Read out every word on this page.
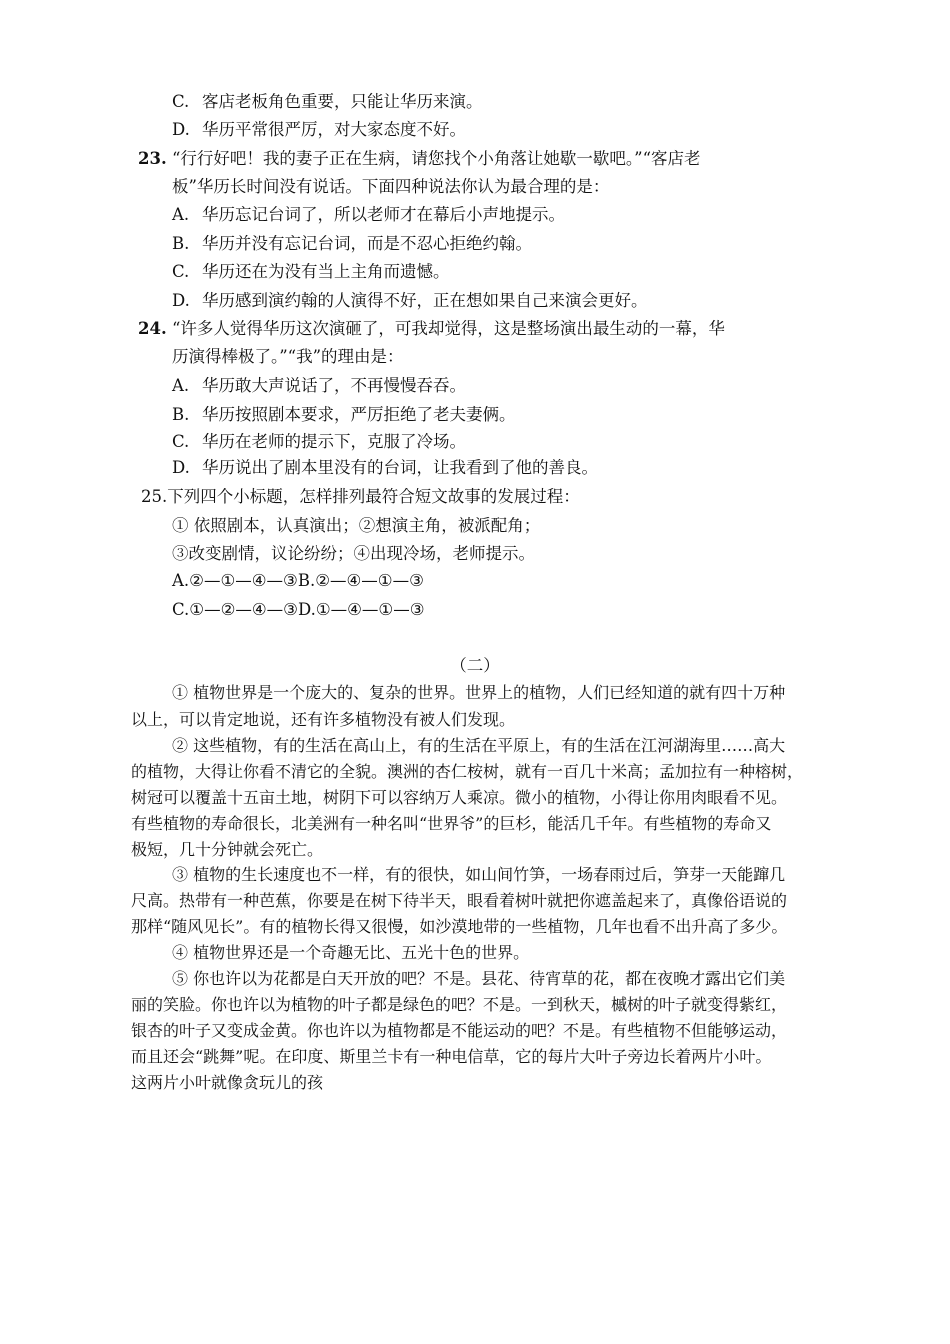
C. 客店老板角色重要，只能让华历来演。
D. 华历平常很严厉，对大家态度不好。
23. “行行好吧！我的妻子正在生病，请您找个小角落让她歇一歇吧。”“客店老
板”华历长时间没有说话。下面四种说法你认为最合理的是：
A. 华历忘记台词了，所以老师才在幕后小声地提示。
B. 华历并没有忘记台词，而是不忍心拒绝约翰。
C. 华历还在为没有当上主角而遗憾。
D. 华历感到演约翰的人演得不好，正在想如果自己来演会更好。
24. “许多人觉得华历这次演砸了，可我却觉得，这是整场演出最生动的一幕，华
历演得棒极了。”“我”的理由是：
A. 华历敢大声说话了，不再慢慢吞吞。
B. 华历按照剧本要求，严厉拒绝了老夫妻俩。
C. 华历在老师的提示下，克服了冷场。
D. 华历说出了剧本里没有的台词，让我看到了他的善良。
25.下列四个小标题，怎样排列最符合短文故事的发展过程：
① 依照剧本，认真演出；②想演主角，被派配角；
③改变剧情，议论纷纷；④出现冷场，老师提示。
A.②—①—④—③B.②—④—①—③
C.①—②—④—③D.①—④—①—③
（二）
① 植物世界是一个庞大的、复杂的世界。世界上的植物，人们已经知道的就有四十万种
以上，可以肯定地说，还有许多植物没有被人们发现。
② 这些植物，有的生活在高山上，有的生活在平原上，有的生活在江河湖海里……高大
的植物，大得让你看不清它的全貌。澳洲的杏仁桉树，就有一百几十米高；孟加拉有一种榕树，
树冠可以覆盖十五亩土地，树阴下可以容纳万人乘凉。微小的植物，小得让你用肉眼看不见。
有些植物的寿命很长，北美洲有一种名叫“世界爷”的巨杉，能活几千年。有些植物的寿命又
极短，几十分钟就会死亡。
③ 植物的生长速度也不一样，有的很快，如山间竹笋，一场春雨过后，笋芽一天能蹿几
尺高。热带有一种芭蕉，你要是在树下待半天，眼看着树叶就把你遮盖起来了，真像俗语说的
那样“随风见长”。有的植物长得又很慢，如沙漠地带的一些植物，几年也看不出升高了多少。
④ 植物世界还是一个奇趣无比、五光十色的世界。
⑤ 你也许以为花都是白天开放的吧？不是。县花、待宵草的花，都在夜晚才露出它们美
丽的笑脸。你也许以为植物的叶子都是绿色的吧？不是。一到秋天，槭树的叶子就变得紫红，
银杏的叶子又变成金黄。你也许以为植物都是不能运动的吧？不是。有些植物不但能够运动，
而且还会“跳舞”呢。在印度、斯里兰卡有一种电信草，它的每片大叶子旁边长着两片小叶。
这两片小叶就像贪玩儿的孩
